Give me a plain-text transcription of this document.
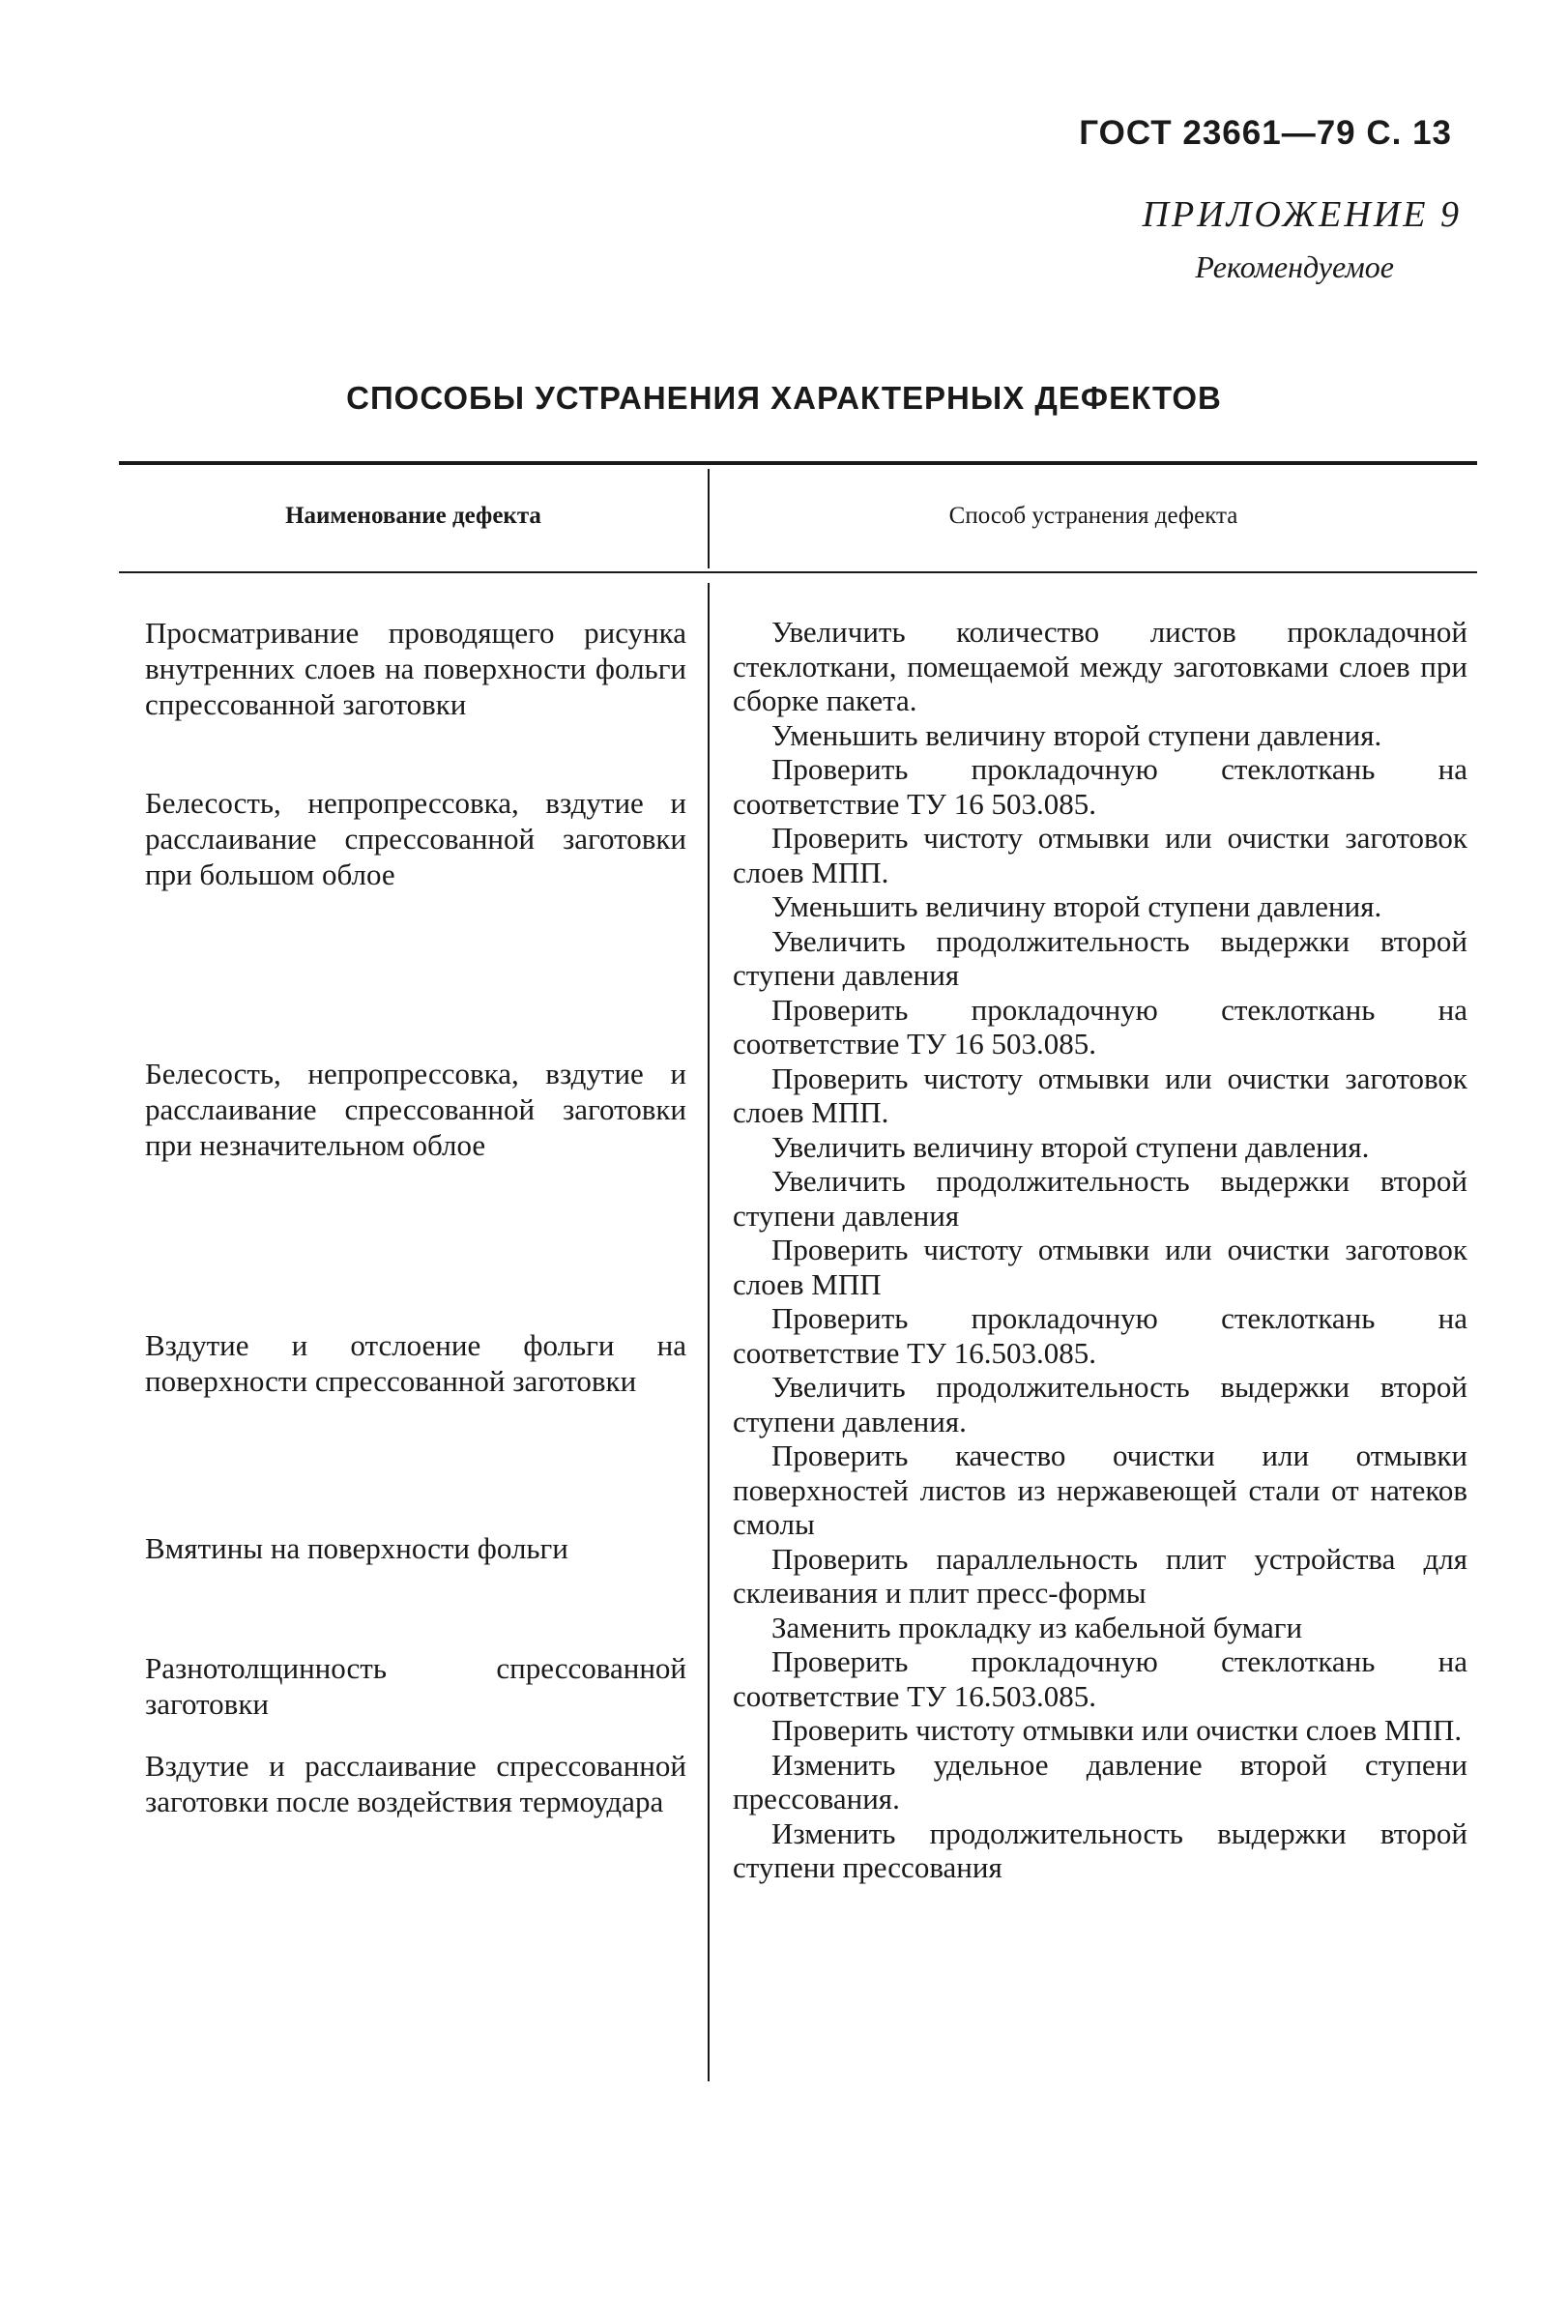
ГОСТ 23661—79 С. 13
ПРИЛОЖЕНИЕ 9
Рекомендуемое
СПОСОБЫ УСТРАНЕНИЯ ХАРАКТЕРНЫХ ДЕФЕКТОВ
Наименование дефекта	Способ устранения дефекта
Просматривание проводящего рисунка внутренних слоев на поверхности фольги спрессованной заготовки
Белесость, непропрессовка, вздутие и расслаивание спрессованной заготовки при большом облое
Белесость, непропрессовка, вздутие и расслаивание спрессованной заготовки при незначительном облое
Вздутие и отслоение фольги на поверхности спрессованной заготовки
Вмятины на поверхности фольги
Разнотолщинность спрессованной заготовки
Вздутие и расслаивание спрессованной заготовки после воздействия термоудара

Увеличить количество листов прокладочной стеклоткани, помещаемой между заготовками слоев при сборке пакета.

Уменьшить величину второй ступени давления.

Проверить прокладочную стеклоткань на соответствие ТУ 16 503.085.

Проверить чистоту отмывки или очистки заготовок слоев МПП.

Уменьшить величину второй ступени давления.

Увеличить продолжительность выдержки второй ступени давления

Проверить прокладочную стеклоткань на соответствие ТУ 16 503.085.

Проверить чистоту отмывки или очистки заготовок слоев МПП.

Увеличить величину второй ступени давления.

Увеличить продолжительность выдержки второй ступени давления

Проверить чистоту отмывки или очистки заготовок слоев МПП

Проверить прокладочную стеклоткань на соответствие ТУ 16.503.085.

Увеличить продолжительность выдержки второй ступени давления.

Проверить качество очистки или отмывки поверхностей листов из нержавеющей стали от натеков смолы

Проверить параллельность плит устройства для склеивания и плит пресс-формы

Заменить прокладку из кабельной бумаги

Проверить прокладочную стеклоткань на соответствие ТУ 16.503.085.

Проверить чистоту отмывки или очистки слоев МПП.

Изменить удельное давление второй ступени прессования.

Изменить продолжительность выдержки второй ступени прессования
